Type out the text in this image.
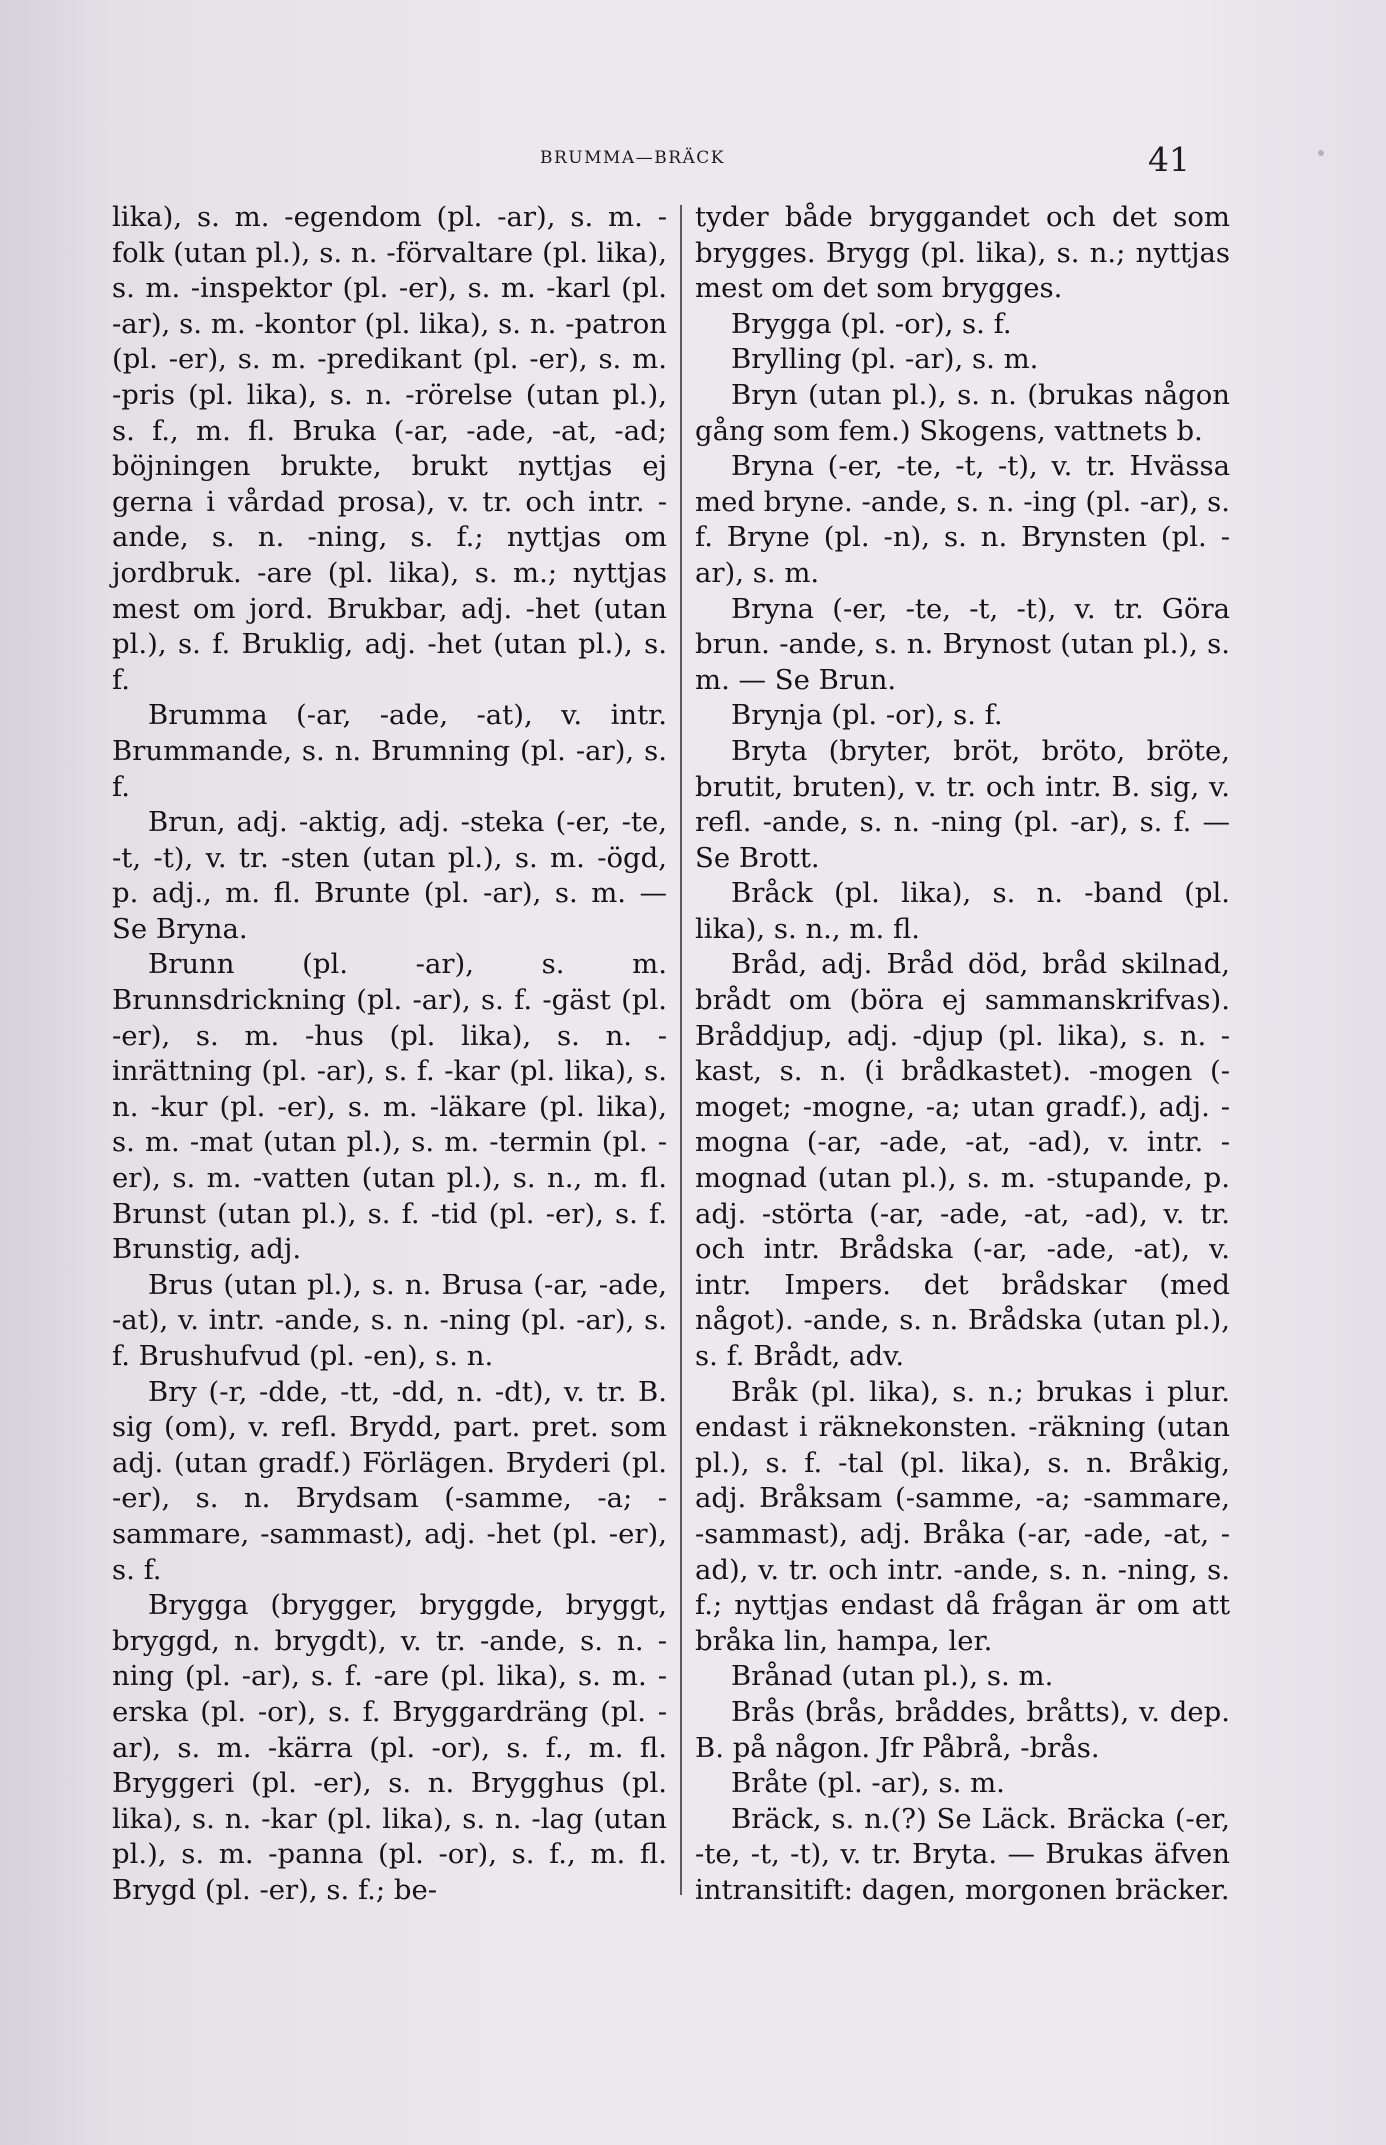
BRUMMA—BRÄCK	41

lika), s. m. -egendom (pl. -ar), s. m. -folk (utan pl.), s. n. -förvaltare (pl. lika), s. m. -inspektor (pl. -er), s. m. -karl (pl. -ar), s. m. -kontor (pl. lika), s. n. -patron (pl. -er), s. m. -predikant (pl. -er), s. m. -pris (pl. lika), s. n. -rörelse (utan pl.), s. f., m. fl. Bruka (-ar, -ade, -at, -ad; böjningen brukte, brukt nyttjas ej gerna i vårdad prosa), v. tr. och intr. -ande, s. n. -ning, s. f.; nyttjas om jordbruk. -are (pl. lika), s. m.; nyttjas mest om jord. Brukbar, adj. -het (utan pl.), s. f. Bruklig, adj. -het (utan pl.), s. f.

Brumma (-ar, -ade, -at), v. intr. Brummande, s. n. Brumning (pl. -ar), s. f.

Brun, adj. -aktig, adj. -steka (-er, -te, -t, -t), v. tr. -sten (utan pl.), s. m. -ögd, p. adj., m. fl. Brunte (pl. -ar), s. m. — Se Bryna.

Brunn (pl. -ar), s. m. Brunnsdrickning (pl. -ar), s. f. -gäst (pl. -er), s. m. -hus (pl. lika), s. n. -inrättning (pl. -ar), s. f. -kar (pl. lika), s. n. -kur (pl. -er), s. m. -läkare (pl. lika), s. m. -mat (utan pl.), s. m. -termin (pl. -er), s. m. -vatten (utan pl.), s. n., m. fl. Brunst (utan pl.), s. f. -tid (pl. -er), s. f. Brunstig, adj.

Brus (utan pl.), s. n. Brusa (-ar, -ade, -at), v. intr. -ande, s. n. -ning (pl. -ar), s. f. Brushufvud (pl. -en), s. n.

Bry (-r, -dde, -tt, -dd, n. -dt), v. tr. B. sig (om), v. refl. Brydd, part. pret. som adj. (utan gradf.) Förlägen. Bryderi (pl. -er), s. n. Brydsam (-samme, -a; -sammare, -sammast), adj. -het (pl. -er), s. f.

Brygga (brygger, bryggde, bryggt, bryggd, n. brygdt), v. tr. -ande, s. n. -ning (pl. -ar), s. f. -are (pl. lika), s. m. -erska (pl. -or), s. f. Bryggardräng (pl. -ar), s. m. -kärra (pl. -or), s. f., m. fl. Bryggeri (pl. -er), s. n. Brygghus (pl. lika), s. n. -kar (pl. lika), s. n. -lag (utan pl.), s. m. -panna (pl. -or), s. f., m. fl. Brygd (pl. -er), s. f.; be-

tyder både bryggandet och det som brygges. Brygg (pl. lika), s. n.; nyttjas mest om det som brygges.

Brygga (pl. -or), s. f.

Brylling (pl. -ar), s. m.

Bryn (utan pl.), s. n. (brukas någon gång som fem.) Skogens, vattnets b.

Bryna (-er, -te, -t, -t), v. tr. Hvässa med bryne. -ande, s. n. -ing (pl. -ar), s. f. Bryne (pl. -n), s. n. Brynsten (pl. -ar), s. m.

Bryna (-er, -te, -t, -t), v. tr. Göra brun. -ande, s. n. Brynost (utan pl.), s. m. — Se Brun.

Brynja (pl. -or), s. f.

Bryta (bryter, bröt, bröto, bröte, brutit, bruten), v. tr. och intr. B. sig, v. refl. -ande, s. n. -ning (pl. -ar), s. f. — Se Brott.

Bråck (pl. lika), s. n. -band (pl. lika), s. n., m. fl.

Bråd, adj. Bråd död, bråd skilnad, brådt om (böra ej sammanskrifvas). Bråddjup, adj. -djup (pl. lika), s. n. -kast, s. n. (i brådkastet). -mogen (-moget; -mogne, -a; utan gradf.), adj. -mogna (-ar, -ade, -at, -ad), v. intr. -mognad (utan pl.), s. m. -stupande, p. adj. -störta (-ar, -ade, -at, -ad), v. tr. och intr. Brådska (-ar, -ade, -at), v. intr. Impers. det brådskar (med något). -ande, s. n. Brådska (utan pl.), s. f. Brådt, adv.

Bråk (pl. lika), s. n.; brukas i plur. endast i räknekonsten. -räkning (utan pl.), s. f. -tal (pl. lika), s. n. Bråkig, adj. Bråksam (-samme, -a; -sammare, -sammast), adj. Bråka (-ar, -ade, -at, -ad), v. tr. och intr. -ande, s. n. -ning, s. f.; nyttjas endast då frågan är om att bråka lin, hampa, ler.

Brånad (utan pl.), s. m.

Brås (brås, bråddes, bråtts), v. dep. B. på någon. Jfr Påbrå, -brås.

Bråte (pl. -ar), s. m.

Bräck, s. n.(?) Se Läck. Bräcka (-er, -te, -t, -t), v. tr. Bryta. — Brukas äfven intransitift: dagen, morgonen bräcker.
